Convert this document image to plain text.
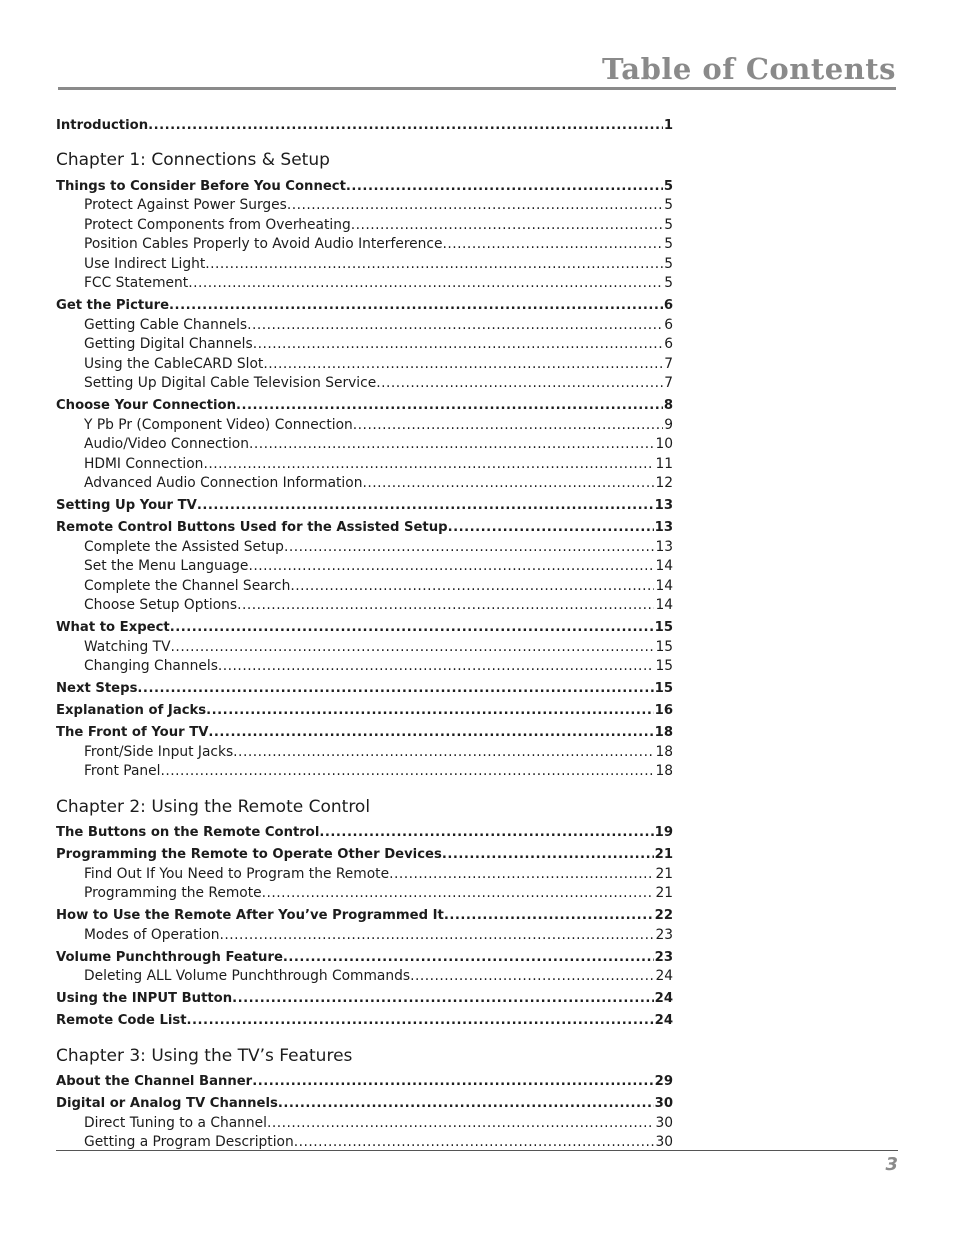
Table of Contents
Introduction .....	1
Chapter 1: Connections & Setup
Things to Consider Before You Connect .....	5
Protect Against Power Surges .....	5
Protect Components from Overheating .....	5
Position Cables Properly to Avoid Audio Interference .....	5
Use Indirect Light .....	5
FCC Statement .....	5
Get the Picture .....	6
Getting Cable Channels .....	6
Getting Digital Channels .....	6
Using the CableCARD Slot .....	7
Setting Up Digital Cable Television Service .....	7
Choose Your Connection .....	8
Y Pb Pr (Component Video) Connection .....	9
Audio/Video Connection .....	10
HDMI Connection .....	11
Advanced Audio Connection Information .....	12
Setting Up Your TV .....	13
Remote Control Buttons Used for the Assisted Setup .....	13
Complete the Assisted Setup .....	13
Set the Menu Language .....	14
Complete the Channel Search .....	14
Choose Setup Options .....	14
What to Expect .....	15
Watching TV .....	15
Changing Channels .....	15
Next Steps .....	15
Explanation of Jacks .....	16
The Front of Your TV .....	18
Front/Side Input Jacks .....	18
Front Panel .....	18
Chapter 2: Using the Remote Control
The Buttons on the Remote Control .....	19
Programming the Remote to Operate Other Devices .....	21
Find Out If You Need to Program the Remote .....	21
Programming the Remote .....	21
How to Use the Remote After You’ve Programmed It .....	22
Modes of Operation .....	23
Volume Punchthrough Feature .....	23
Deleting ALL Volume Punchthrough Commands .....	24
Using the INPUT Button .....	24
Remote Code List .....	24
Chapter 3: Using the TV’s Features
About the Channel Banner .....	29
Digital or Analog TV Channels .....	30
Direct Tuning to a Channel .....	30
Getting a Program Description .....	30
3
